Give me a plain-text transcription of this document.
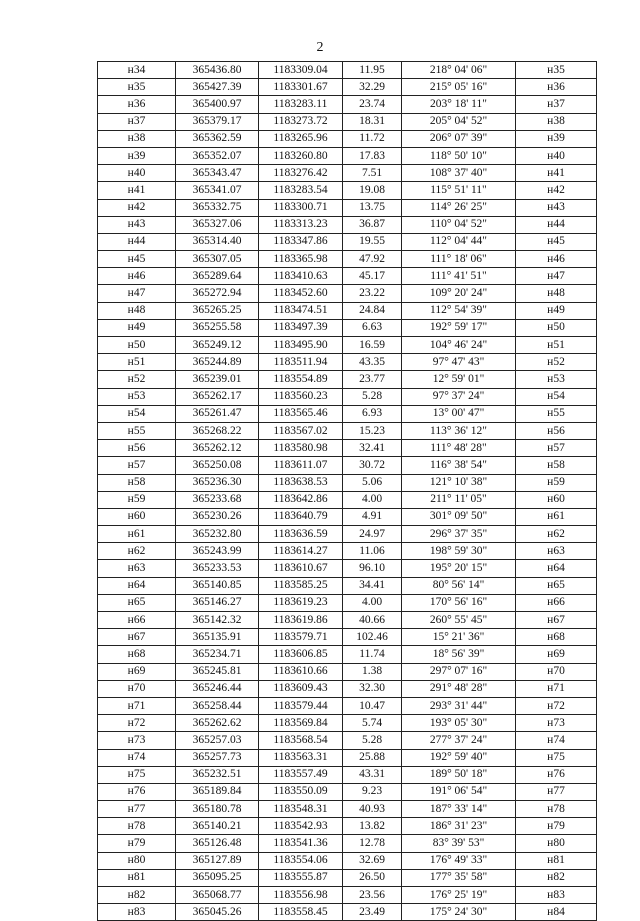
2
н34	365436.80	1183309.04	11.95	218° 04' 06"	н35
н35	365427.39	1183301.67	32.29	215° 05' 16"	н36
н36	365400.97	1183283.11	23.74	203° 18' 11"	н37
н37	365379.17	1183273.72	18.31	205° 04' 52"	н38
н38	365362.59	1183265.96	11.72	206° 07' 39"	н39
н39	365352.07	1183260.80	17.83	118° 50' 10"	н40
н40	365343.47	1183276.42	7.51	108° 37' 40"	н41
н41	365341.07	1183283.54	19.08	115° 51' 11"	н42
н42	365332.75	1183300.71	13.75	114° 26' 25"	н43
н43	365327.06	1183313.23	36.87	110° 04' 52"	н44
н44	365314.40	1183347.86	19.55	112° 04' 44"	н45
н45	365307.05	1183365.98	47.92	111° 18' 06"	н46
н46	365289.64	1183410.63	45.17	111° 41' 51"	н47
н47	365272.94	1183452.60	23.22	109° 20' 24"	н48
н48	365265.25	1183474.51	24.84	112° 54' 39"	н49
н49	365255.58	1183497.39	6.63	192° 59' 17"	н50
н50	365249.12	1183495.90	16.59	104° 46' 24"	н51
н51	365244.89	1183511.94	43.35	97° 47' 43"	н52
н52	365239.01	1183554.89	23.77	12° 59' 01"	н53
н53	365262.17	1183560.23	5.28	97° 37' 24"	н54
н54	365261.47	1183565.46	6.93	13° 00' 47"	н55
н55	365268.22	1183567.02	15.23	113° 36' 12"	н56
н56	365262.12	1183580.98	32.41	111° 48' 28"	н57
н57	365250.08	1183611.07	30.72	116° 38' 54"	н58
н58	365236.30	1183638.53	5.06	121° 10' 38"	н59
н59	365233.68	1183642.86	4.00	211° 11' 05"	н60
н60	365230.26	1183640.79	4.91	301° 09' 50"	н61
н61	365232.80	1183636.59	24.97	296° 37' 35"	н62
н62	365243.99	1183614.27	11.06	198° 59' 30"	н63
н63	365233.53	1183610.67	96.10	195° 20' 15"	н64
н64	365140.85	1183585.25	34.41	80° 56' 14"	н65
н65	365146.27	1183619.23	4.00	170° 56' 16"	н66
н66	365142.32	1183619.86	40.66	260° 55' 45"	н67
н67	365135.91	1183579.71	102.46	15° 21' 36"	н68
н68	365234.71	1183606.85	11.74	18° 56' 39"	н69
н69	365245.81	1183610.66	1.38	297° 07' 16"	н70
н70	365246.44	1183609.43	32.30	291° 48' 28"	н71
н71	365258.44	1183579.44	10.47	293° 31' 44"	н72
н72	365262.62	1183569.84	5.74	193° 05' 30"	н73
н73	365257.03	1183568.54	5.28	277° 37' 24"	н74
н74	365257.73	1183563.31	25.88	192° 59' 40"	н75
н75	365232.51	1183557.49	43.31	189° 50' 18"	н76
н76	365189.84	1183550.09	9.23	191° 06' 54"	н77
н77	365180.78	1183548.31	40.93	187° 33' 14"	н78
н78	365140.21	1183542.93	13.82	186° 31' 23"	н79
н79	365126.48	1183541.36	12.78	83° 39' 53"	н80
н80	365127.89	1183554.06	32.69	176° 49' 33"	н81
н81	365095.25	1183555.87	26.50	177° 35' 58"	н82
н82	365068.77	1183556.98	23.56	176° 25' 19"	н83
н83	365045.26	1183558.45	23.49	175° 24' 30"	н84
